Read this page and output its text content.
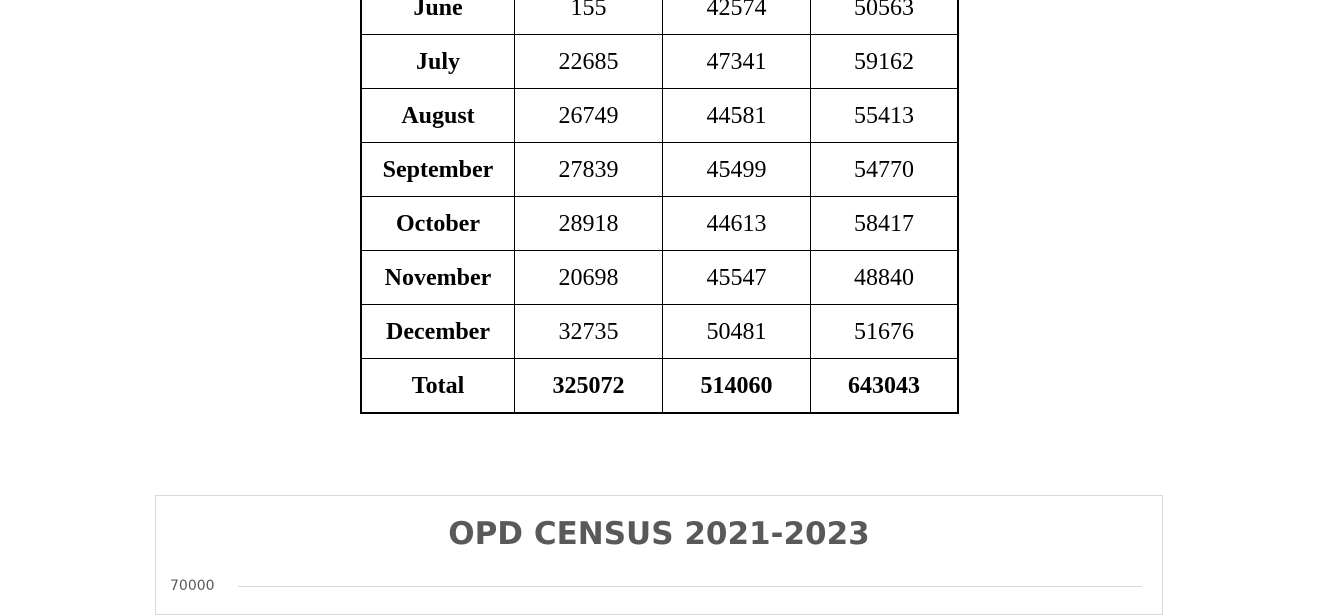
June	155	42574	50563
July	22685	47341	59162
August	26749	44581	55413
September	27839	45499	54770
October	28918	44613	58417
November	20698	45547	48840
December	32735	50481	51676
Total	325072	514060	643043
OPD CENSUS 2021-2023
70000
